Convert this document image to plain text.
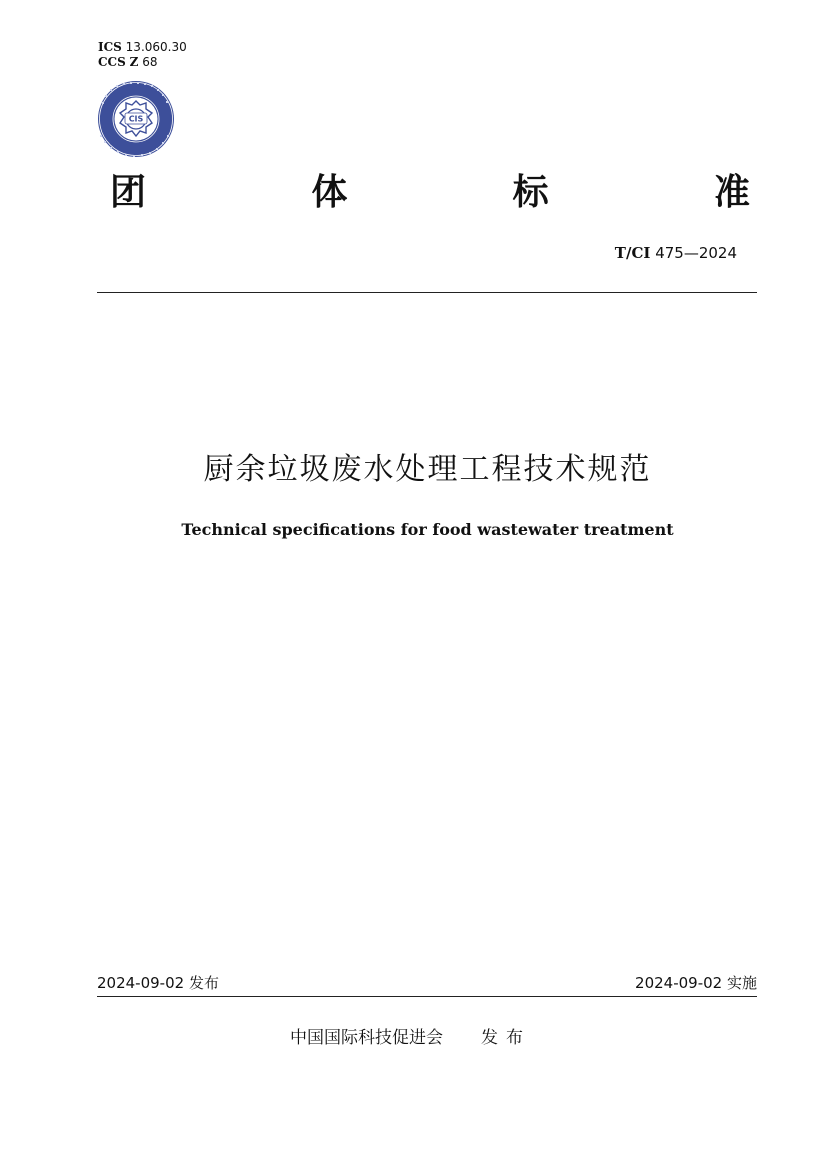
ICS 13.060.30
CCS Z 68
CIS
团	体	标	准
T/CI 475—2024
厨余垃圾废水处理工程技术规范
Technical specifications for food wastewater treatment
2024-09-02 发布	2024-09-02 实施
中国国际科技促进会 发布
